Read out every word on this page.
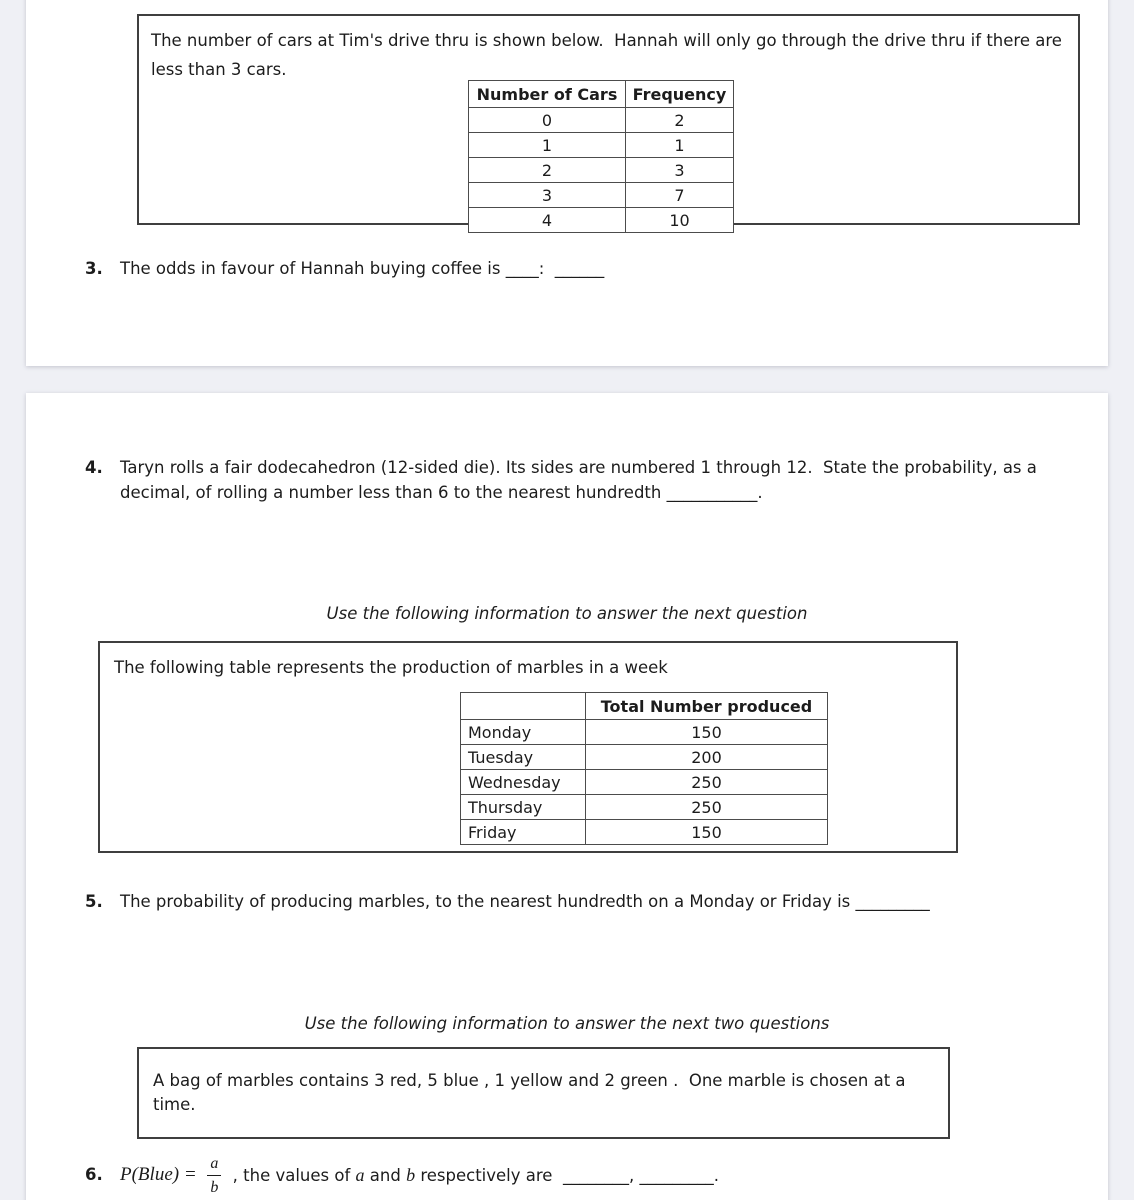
The number of cars at Tim's drive thru is shown below.  Hannah will only go through the drive thru if there are less than 3 cars.
Number of Cars	Frequency
0	2
1	1
2	3
3	7
4	10
3.	The odds in favour of Hannah buying coffee is ____:  ______
4.	Taryn rolls a fair dodecahedron (12-sided die). Its sides are numbered 1 through 12.  State the probability, as a decimal, of rolling a number less than 6 to the nearest hundredth ___________.
Use the following information to answer the next question
The following table represents the production of marbles in a week
	Total Number produced
Monday	150
Tuesday	200
Wednesday	250
Thursday	250
Friday	150
5.	The probability of producing marbles, to the nearest hundredth on a Monday or Friday is _________
Use the following information to answer the next two questions
A bag of marbles contains 3 red, 5 blue , 1 yellow and 2 green .  One marble is chosen at a time.
6. P(Blue) = $\frac{a}{b}$ , the values of a and b respectively are ________ , _________ .
